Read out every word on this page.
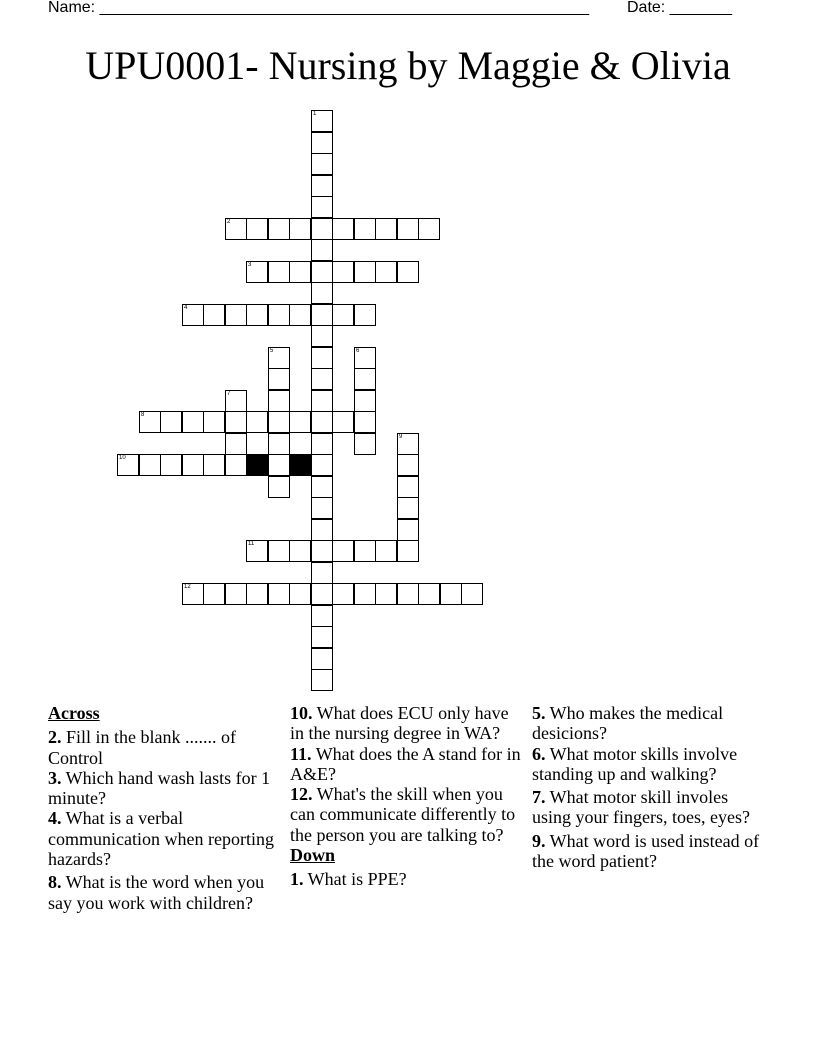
Name: _______________________________________________________ Date: _______
UPU0001- Nursing by Maggie & Olivia
1
2
3
4
5	6
7
8
9
10
11
12
Across
2. Fill in the blank ....... of Control
3. Which hand wash lasts for 1 minute?
4. What is a verbal communication when reporting hazards?
8. What is the word when you say you work with children?
10. What does ECU only have in the nursing degree in WA?
11. What does the A stand for in A&E?
12. What's the skill when you can communicate differently to the person you are talking to?
Down
1. What is PPE?
5. Who makes the medical desicions?
6. What motor skills involve standing up and walking?
7. What motor skill involes using your fingers, toes, eyes?
9. What word is used instead of the word patient?
